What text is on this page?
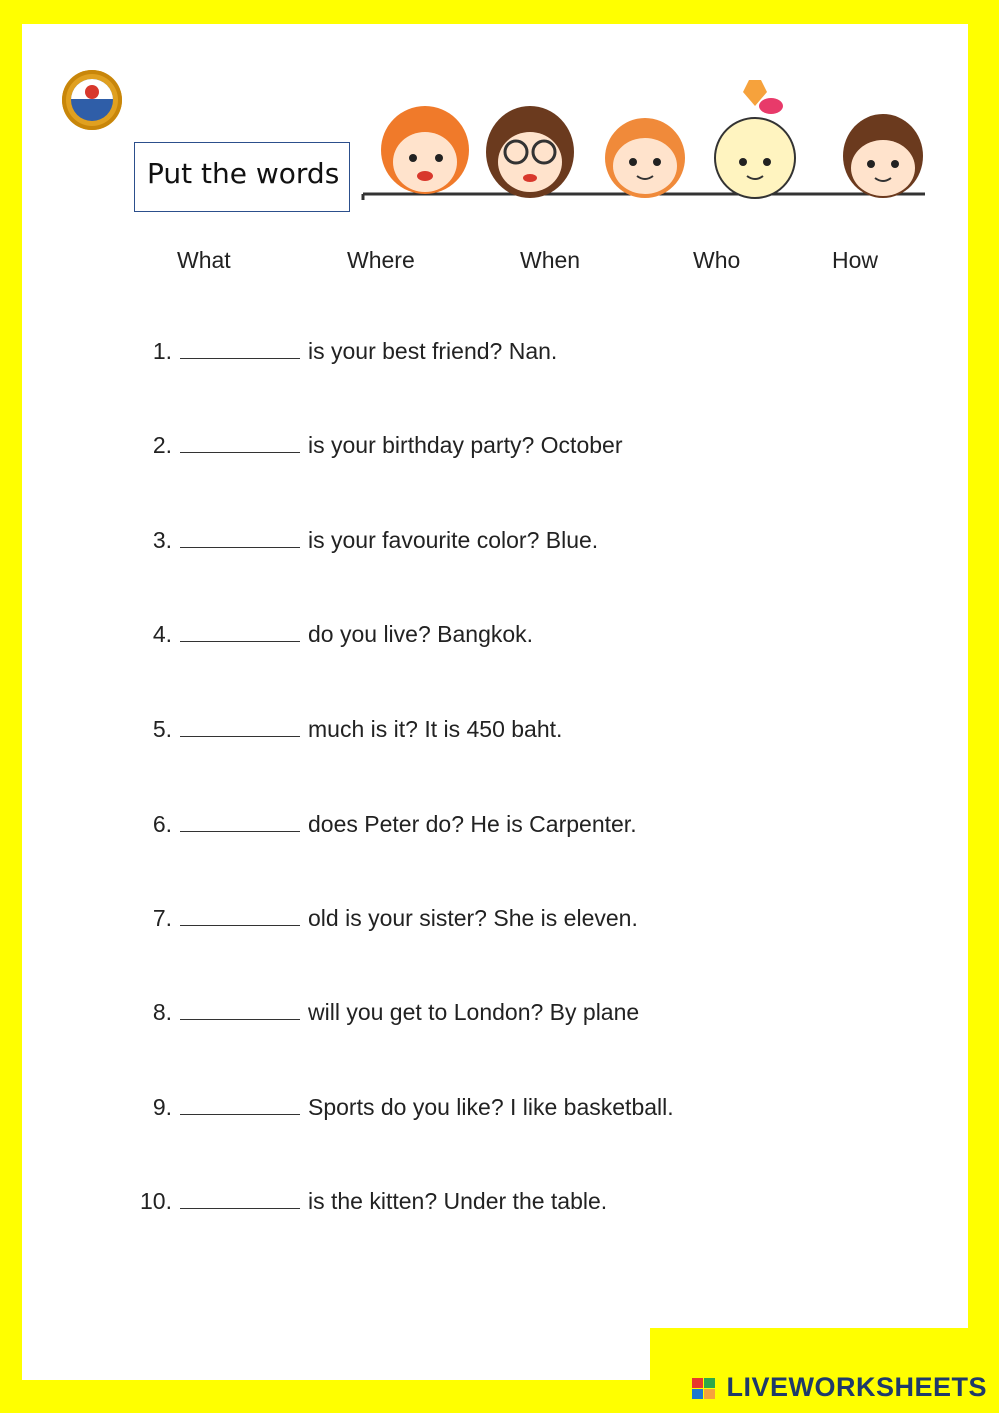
Put the words
What	Where	When	Who	How
1.	is your best friend? Nan.
2.	is your birthday party? October
3.	is your favourite color? Blue.
4.	do you live? Bangkok.
5.	much is it? It is 450 baht.
6.	does Peter do? He is Carpenter.
7.	old is your sister? She is eleven.
8.	will you get to London? By plane
9.	Sports do you like? I like basketball.
10.	is the kitten? Under the table.
LIVEWORKSHEETS
